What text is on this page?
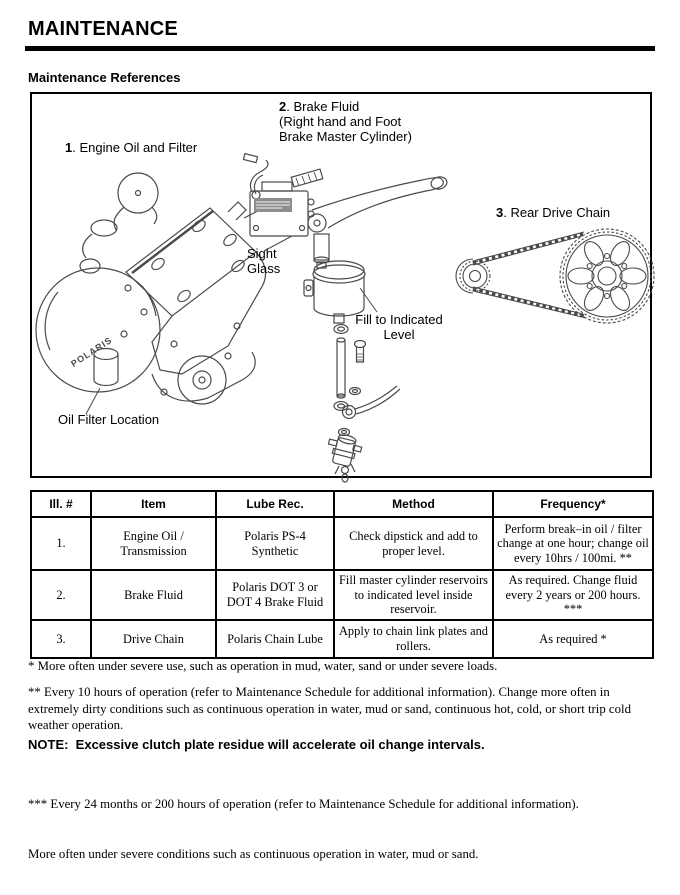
MAINTENANCE
Maintenance References
1. Engine Oil and Filter
2. Brake Fluid
(Right hand and Foot
Brake Master Cylinder)
3. Rear Drive Chain
Sight
Glass
Fill to Indicated
Level
Oil Filter Location
POLARIS
Ill. #	Item	Lube Rec.	Method	Frequency*
1.	Engine Oil / Transmission	Polaris PS-4 Synthetic	Check dipstick and add to proper level.	Perform break–in oil / filter change at one hour; change oil every 10hrs / 100mi. **
2.	Brake Fluid	Polaris DOT 3 or DOT 4 Brake Fluid	Fill master cylinder reservoirs to indicated level inside reservoir.	As required. Change fluid every 2 years or 200 hours. ***
3.	Drive Chain	Polaris Chain Lube	Apply to chain link plates and rollers.	As required *
* More often under severe use, such as operation in mud, water, sand or under severe loads.
** Every 10 hours of operation (refer to Maintenance Schedule for additional information). Change more often in extremely dirty conditions such as continuous operation in water, mud or sand, continuous hot, cold, or short trip cold weather operation.
NOTE:  Excessive clutch plate residue will accelerate oil change intervals.

*** Every 24 months or 200 hours of operation (refer to Maintenance Schedule for additional information).

More often under severe conditions such as continuous operation in water, mud or sand.
